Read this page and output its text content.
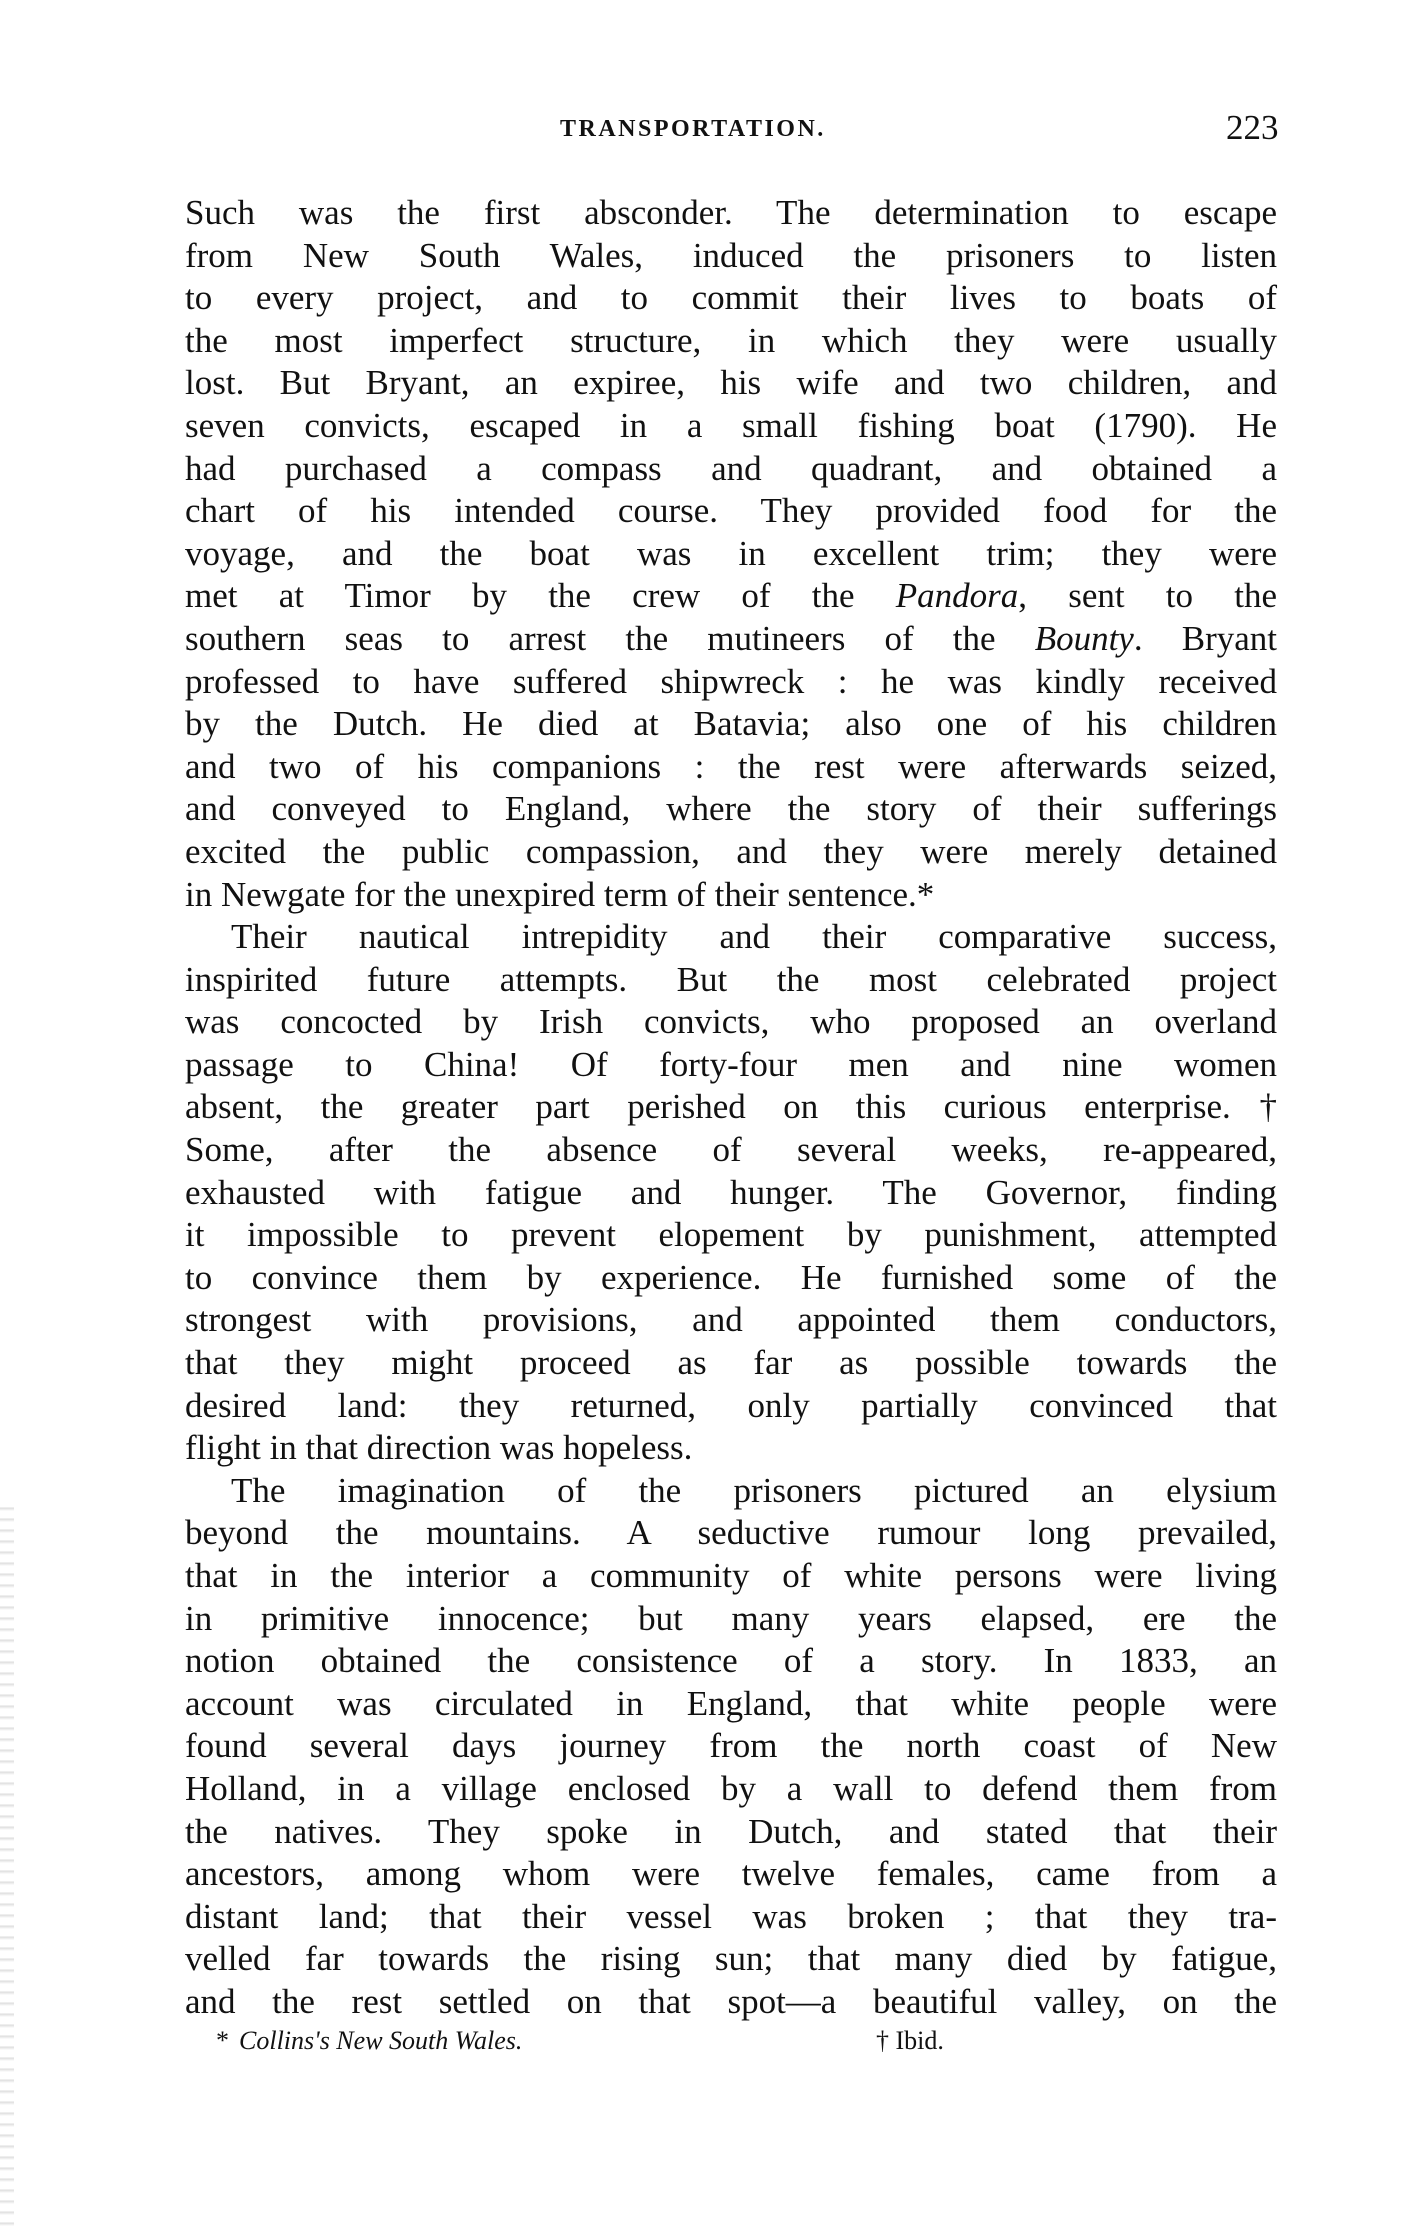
TRANSPORTATION.	223
Such was the first absconder. The determination to escape
from New South Wales, induced the prisoners to listen
to every project, and to commit their lives to boats of
the most imperfect structure, in which they were usually
lost. But Bryant, an expiree, his wife and two children, and
seven convicts, escaped in a small fishing boat (1790). He
had purchased a compass and quadrant, and obtained a
chart of his intended course. They provided food for the
voyage, and the boat was in excellent trim; they were
met at Timor by the crew of the Pandora, sent to the
southern seas to arrest the mutineers of the Bounty. Bryant
professed to have suffered shipwreck : he was kindly received
by the Dutch. He died at Batavia; also one of his children
and two of his companions : the rest were afterwards seized,
and conveyed to England, where the story of their sufferings
excited the public compassion, and they were merely detained
in Newgate for the unexpired term of their sentence.*
Their nautical intrepidity and their comparative success,
inspirited future attempts. But the most celebrated project
was concocted by Irish convicts, who proposed an overland
passage to China! Of forty-four men and nine women
absent, the greater part perished on this curious enterprise.†
Some, after the absence of several weeks, re-appeared,
exhausted with fatigue and hunger. The Governor, finding
it impossible to prevent elopement by punishment, attempted
to convince them by experience. He furnished some of the
strongest with provisions, and appointed them conductors,
that they might proceed as far as possible towards the
desired land: they returned, only partially convinced that
flight in that direction was hopeless.
The imagination of the prisoners pictured an elysium
beyond the mountains. A seductive rumour long prevailed,
that in the interior a community of white persons were living
in primitive innocence; but many years elapsed, ere the
notion obtained the consistence of a story. In 1833, an
account was circulated in England, that white people were
found several days journey from the north coast of New
Holland, in a village enclosed by a wall to defend them from
the natives. They spoke in Dutch, and stated that their
ancestors, among whom were twelve females, came from a
distant land; that their vessel was broken ; that they tra-
velled far towards the rising sun; that many died by fatigue,
and the rest settled on that spot—a beautiful valley, on the
* Collins's New South Wales.	† Ibid.
